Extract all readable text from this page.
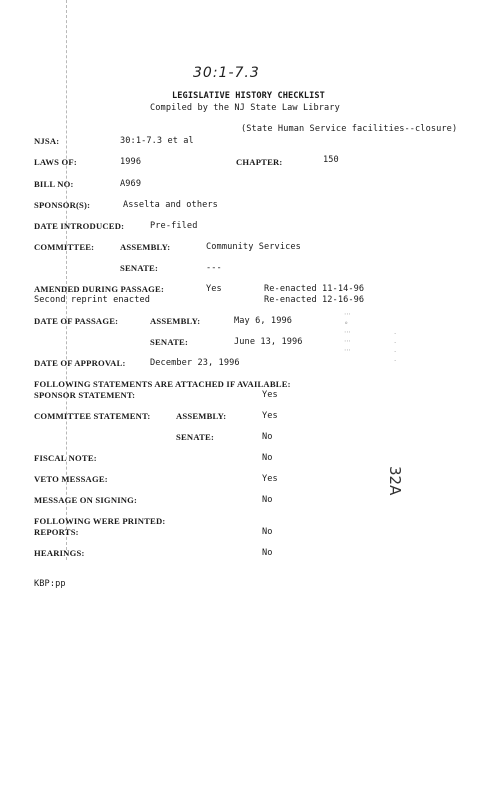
30:1-7.3
LEGISLATIVE HISTORY CHECKLIST
Compiled by the NJ State Law Library
(State Human Service facilities--closure)
NJSA:	30:1-7.3 et al
LAWS OF:	1996	CHAPTER:	150
BILL NO:	A969
SPONSOR(S):	Asselta and others
DATE INTRODUCED:	Pre-filed
COMMITTEE:	ASSEMBLY:	Community Services
SENATE:	---
AMENDED DURING PASSAGE:	Yes	Re-enacted 11-14-96
Second reprint enacted	Re-enacted 12-16-96
DATE OF PASSAGE:	ASSEMBLY:	May 6, 1996
SENATE:	June 13, 1996
DATE OF APPROVAL:	December 23, 1996
FOLLOWING STATEMENTS ARE ATTACHED IF AVAILABLE:
SPONSOR STATEMENT:	Yes
COMMITTEE STATEMENT:	ASSEMBLY:	Yes
SENATE:	No
FISCAL NOTE:	No
VETO MESSAGE:	Yes
MESSAGE ON SIGNING:	No
FOLLOWING WERE PRINTED:
REPORTS:	No
HEARINGS:	No
KBP:pp
⋯
∘
⋯
⋯
⋯
·
·
·
·
32A
